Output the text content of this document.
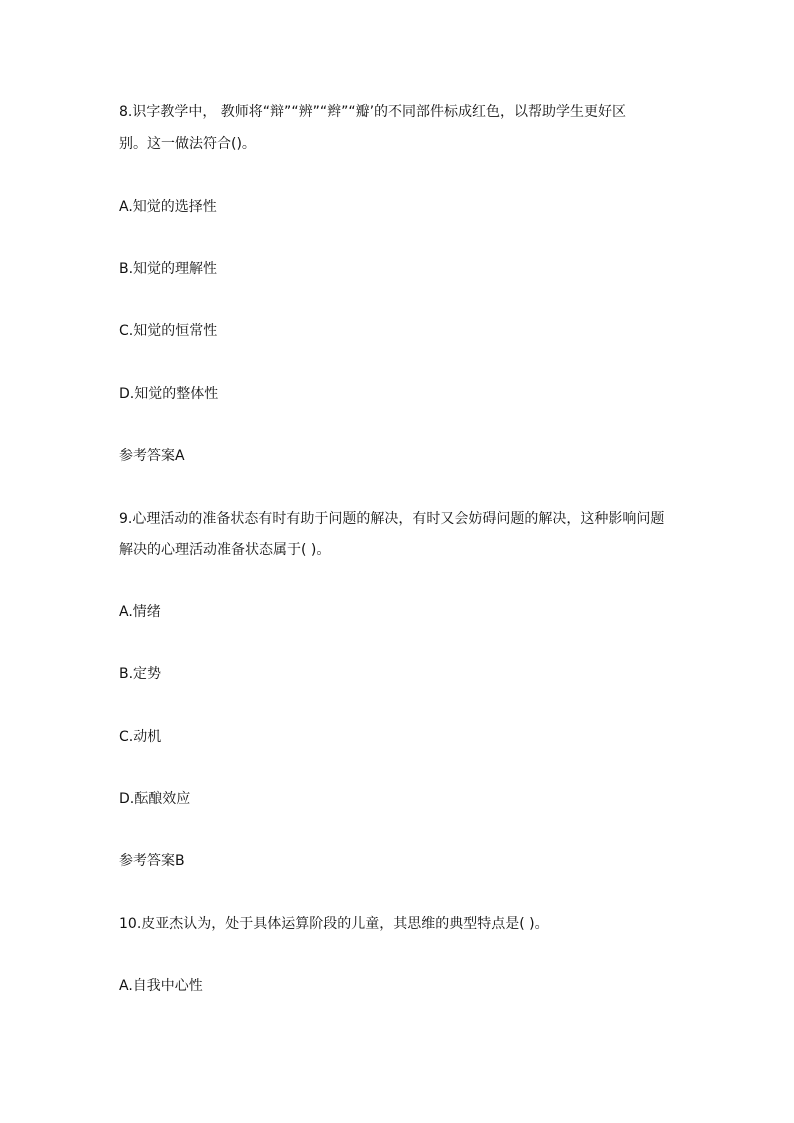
8.识字教学中， 教师将“辩”“辨”“辫”“瓣’的不同部件标成红色，以帮助学生更好区
别。这一做法符合()。
A.知觉的选择性
B.知觉的理解性
C.知觉的恒常性
D.知觉的整体性
参考答案A
9.心理活动的准备状态有时有助于问题的解决，有时又会妨碍问题的解决，这种影响问题
解决的心理活动准备状态属于( )。
A.情绪
B.定势
C.动机
D.酝酿效应
参考答案B
10.皮亚杰认为，处于具体运算阶段的儿童，其思维的典型特点是( )。
A.自我中心性
